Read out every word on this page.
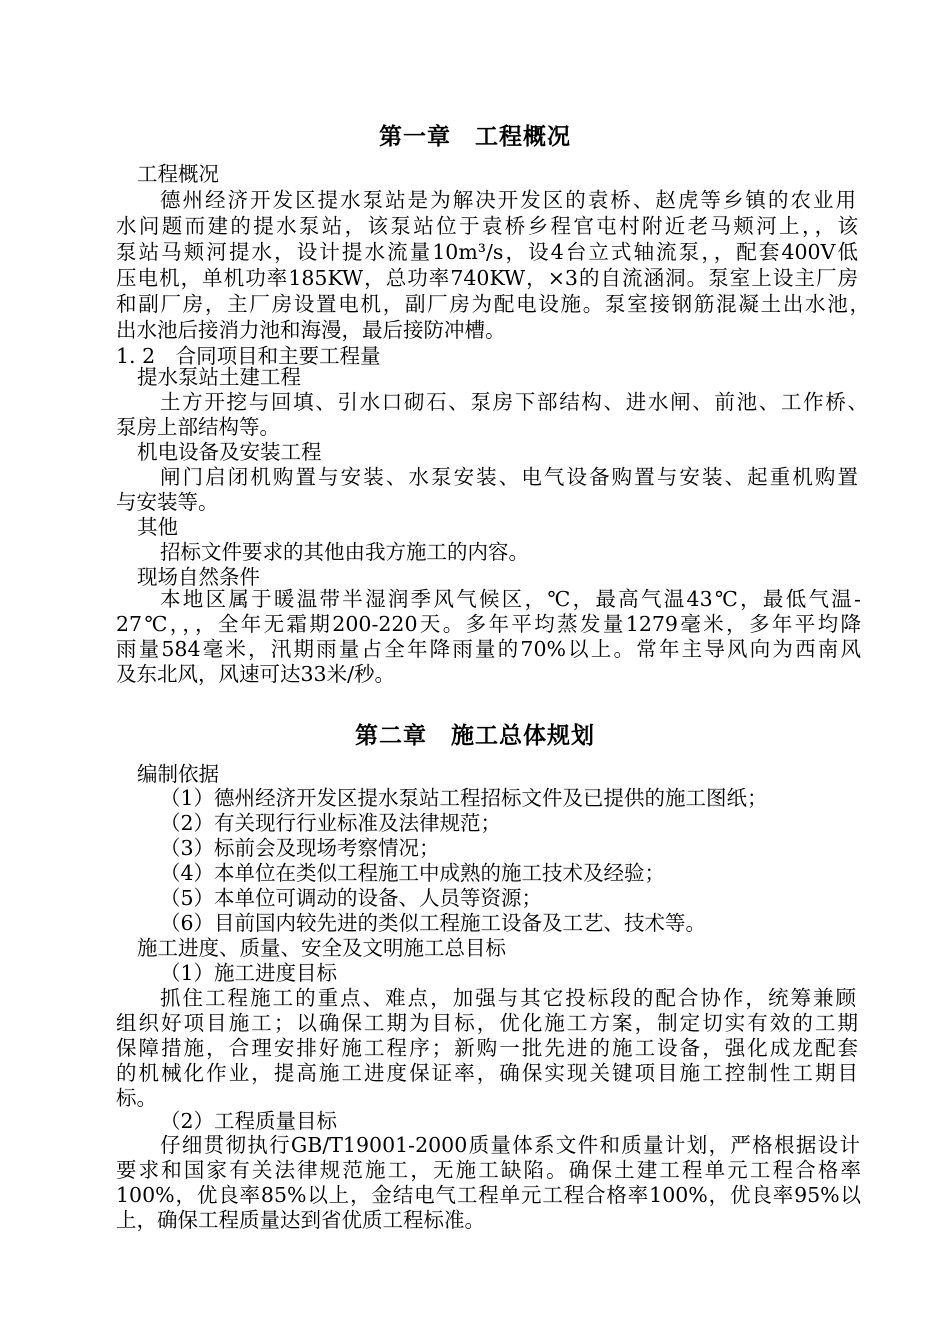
第一章　工程概况
工程概况
德州经济开发区提水泵站是为解决开发区的袁桥、赵虎等乡镇的农业用
水问题而建的提水泵站，该泵站位于袁桥乡程官屯村附近老马颊河上，，该
泵站马颊河提水，设计提水流量10m³/s，设4台立式轴流泵，，配套400V低
压电机，单机功率185KW，总功率740KW，×3的自流涵洞。泵室上设主厂房
和副厂房，主厂房设置电机，副厂房为配电设施。泵室接钢筋混凝土出水池，
出水池后接消力池和海漫，最后接防冲槽。
1. 2　合同项目和主要工程量
提水泵站土建工程
土方开挖与回填、引水口砌石、泵房下部结构、进水闸、前池、工作桥、
泵房上部结构等。
机电设备及安装工程
闸门启闭机购置与安装、水泵安装、电气设备购置与安装、起重机购置
与安装等。
其他
招标文件要求的其他由我方施工的内容。
现场自然条件
本地区属于暖温带半湿润季风气候区，℃，最高气温43℃，最低气温-
27℃，，，全年无霜期200-220天。多年平均蒸发量1279毫米，多年平均降
雨量584毫米，汛期雨量占全年降雨量的70%以上。常年主导风向为西南风
及东北风，风速可达33米/秒。
第二章　施工总体规划
编制依据
（1）德州经济开发区提水泵站工程招标文件及已提供的施工图纸；
（2）有关现行行业标准及法律规范；
（3）标前会及现场考察情况；
（4）本单位在类似工程施工中成熟的施工技术及经验；
（5）本单位可调动的设备、人员等资源；
（6）目前国内较先进的类似工程施工设备及工艺、技术等。
施工进度、质量、安全及文明施工总目标
（1）施工进度目标
抓住工程施工的重点、难点，加强与其它投标段的配合协作，统筹兼顾
组织好项目施工；以确保工期为目标，优化施工方案，制定切实有效的工期
保障措施，合理安排好施工程序；新购一批先进的施工设备，强化成龙配套
的机械化作业，提高施工进度保证率，确保实现关键项目施工控制性工期目
标。
（2）工程质量目标
仔细贯彻执行GB/T19001-2000质量体系文件和质量计划，严格根据设计
要求和国家有关法律规范施工，无施工缺陷。确保土建工程单元工程合格率
100%，优良率85%以上，金结电气工程单元工程合格率100%，优良率95%以
上，确保工程质量达到省优质工程标准。
